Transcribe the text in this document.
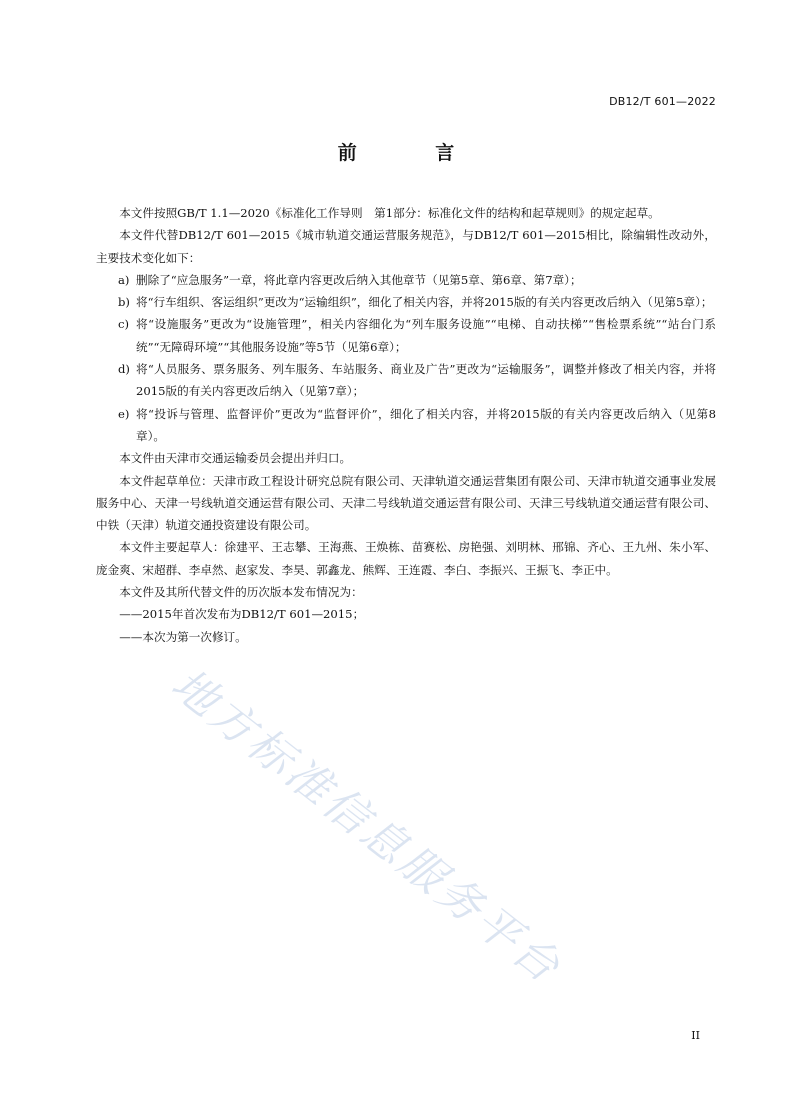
DB12/T 601—2022
前 言

本文件按照GB/T 1.1—2020《标准化工作导则　第1部分：标准化文件的结构和起草规则》的规定起草。

本文件代替DB12/T 601—2015《城市轨道交通运营服务规范》，与DB12/T 601—2015相比，除编辑性改动外，主要技术变化如下：

a) 删除了“应急服务”一章，将此章内容更改后纳入其他章节（见第5章、第6章、第7章）；
b) 将“行车组织、客运组织”更改为“运输组织”，细化了相关内容，并将2015版的有关内容更改后纳入（见第5章）；
c) 将“设施服务”更改为“设施管理”，相关内容细化为“列车服务设施”“电梯、自动扶梯”“售检票系统”“站台门系统”“无障碍环境”“其他服务设施”等5节（见第6章）；
d) 将“人员服务、票务服务、列车服务、车站服务、商业及广告”更改为“运输服务”，调整并修改了相关内容，并将2015版的有关内容更改后纳入（见第7章）；
e) 将“投诉与管理、监督评价”更改为“监督评价”，细化了相关内容，并将2015版的有关内容更改后纳入（见第8章）。

本文件由天津市交通运输委员会提出并归口。

本文件起草单位：天津市政工程设计研究总院有限公司、天津轨道交通运营集团有限公司、天津市轨道交通事业发展服务中心、天津一号线轨道交通运营有限公司、天津二号线轨道交通运营有限公司、天津三号线轨道交通运营有限公司、中铁（天津）轨道交通投资建设有限公司。

本文件主要起草人：徐建平、王志攀、王海燕、王焕栋、苗赛松、房艳强、刘明林、邢锦、齐心、王九州、朱小军、庞金爽、宋超群、李卓然、赵家发、李昊、郭鑫龙、熊辉、王连霞、李白、李振兴、王振飞、李正中。

本文件及其所代替文件的历次版本发布情况为：

——2015年首次发布为DB12/T 601—2015；

——本次为第一次修订。

地方标准信息服务平台
II
